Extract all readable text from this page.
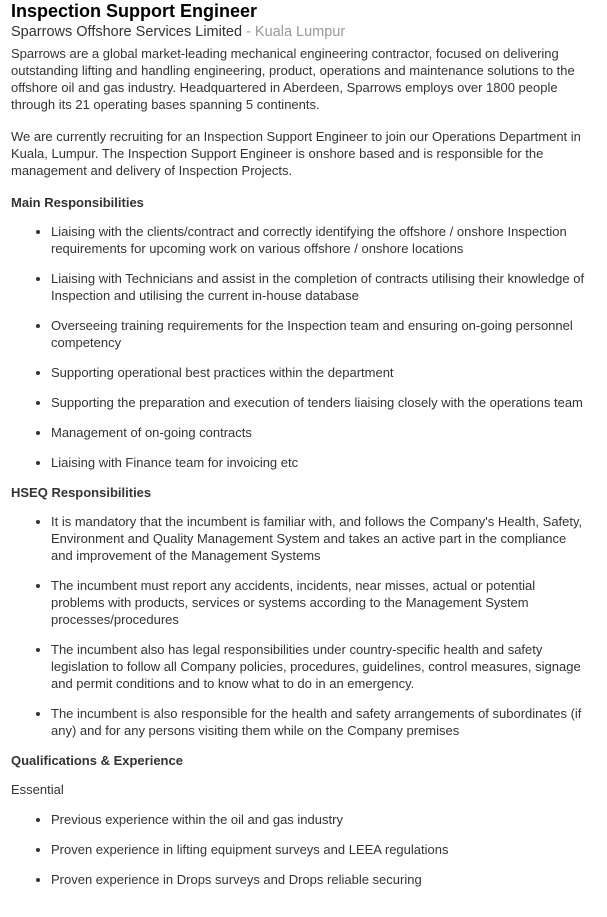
Inspection Support Engineer
Sparrows Offshore Services Limited - Kuala Lumpur

Sparrows are a global market-leading mechanical engineering contractor, focused on delivering outstanding lifting and handling engineering, product, operations and maintenance solutions to the offshore oil and gas industry. Headquartered in Aberdeen, Sparrows employs over 1800 people through its 21 operating bases spanning 5 continents.

We are currently recruiting for an Inspection Support Engineer to join our Operations Department in Kuala, Lumpur. The Inspection Support Engineer is onshore based and is responsible for the management and delivery of Inspection Projects.

Main Responsibilities
• Liaising with the clients/contract and correctly identifying the offshore / onshore Inspection requirements for upcoming work on various offshore / onshore locations
• Liaising with Technicians and assist in the completion of contracts utilising their knowledge of Inspection and utilising the current in-house database
• Overseeing training requirements for the Inspection team and ensuring on-going personnel competency
• Supporting operational best practices within the department
• Supporting the preparation and execution of tenders liaising closely with the operations team
• Management of on-going contracts
• Liaising with Finance team for invoicing etc
HSEQ Responsibilities
• It is mandatory that the incumbent is familiar with, and follows the Company's Health, Safety, Environment and Quality Management System and takes an active part in the compliance and improvement of the Management Systems
• The incumbent must report any accidents, incidents, near misses, actual or potential problems with products, services or systems according to the Management System processes/procedures
• The incumbent also has legal responsibilities under country-specific health and safety legislation to follow all Company policies, procedures, guidelines, control measures, signage and permit conditions and to know what to do in an emergency.
• The incumbent is also responsible for the health and safety arrangements of subordinates (if any) and for any persons visiting them while on the Company premises
Qualifications & Experience
Essential
• Previous experience within the oil and gas industry
• Proven experience in lifting equipment surveys and LEEA regulations
• Proven experience in Drops surveys and Drops reliable securing
